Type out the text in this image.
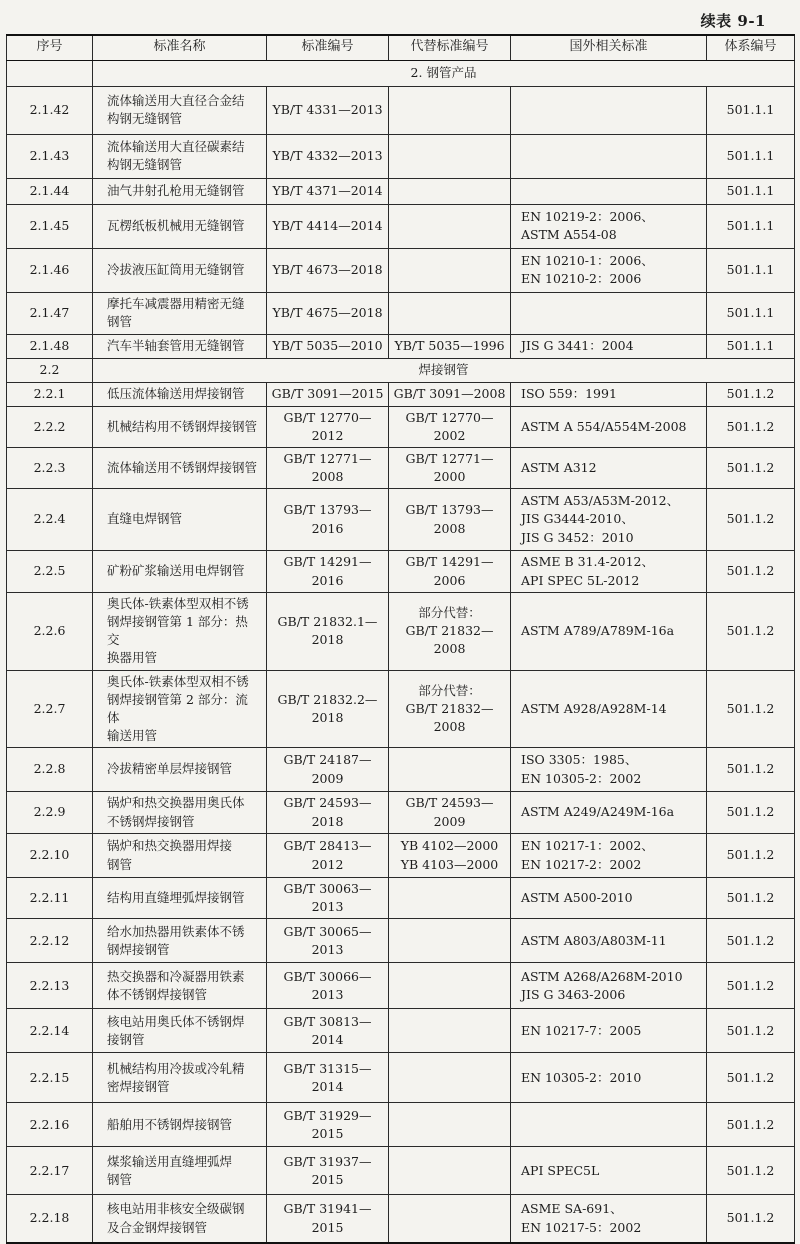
续表 9-1
序号	标准名称	标准编号	代替标准编号	国外相关标准	体系编号
	2. 钢管产品				
2.1.42	流体输送用大直径合金结
构钢无缝钢管	YB/T 4331—2013			501.1.1
2.1.43	流体输送用大直径碳素结
构钢无缝钢管	YB/T 4332—2013			501.1.1
2.1.44	油气井射孔枪用无缝钢管	YB/T 4371—2014			501.1.1
2.1.45	瓦楞纸板机械用无缝钢管	YB/T 4414—2014		EN 10219-2：2006、
ASTM A554-08	501.1.1
2.1.46	冷拔液压缸筒用无缝钢管	YB/T 4673—2018		EN 10210-1：2006、
EN 10210-2：2006	501.1.1
2.1.47	摩托车减震器用精密无缝
钢管	YB/T 4675—2018			501.1.1
2.1.48	汽车半轴套管用无缝钢管	YB/T 5035—2010	YB/T 5035—1996	JIS G 3441：2004	501.1.1
2.2	焊接钢管				
2.2.1	低压流体输送用焊接钢管	GB/T 3091—2015	GB/T 3091—2008	ISO 559：1991	501.1.2
2.2.2	机械结构用不锈钢焊接钢管	GB/T 12770—2012	GB/T 12770—2002	ASTM A 554/A554M-2008	501.1.2
2.2.3	流体输送用不锈钢焊接钢管	GB/T 12771—2008	GB/T 12771—2000	ASTM A312	501.1.2
2.2.4	直缝电焊钢管	GB/T 13793—2016	GB/T 13793—2008	ASTM A53/A53M-2012、
JIS G3444-2010、
JIS G 3452：2010	501.1.2
2.2.5	矿粉矿浆输送用电焊钢管	GB/T 14291—2016	GB/T 14291—2006	ASME B 31.4-2012、
API SPEC 5L-2012	501.1.2
2.2.6	奥氏体-铁素体型双相不锈
钢焊接钢管第 1 部分：热交
换器用管	GB/T 21832.1—2018	部分代替：
GB/T 21832—2008	ASTM A789/A789M-16a	501.1.2
2.2.7	奥氏体-铁素体型双相不锈
钢焊接钢管第 2 部分：流体
输送用管	GB/T 21832.2—2018	部分代替：
GB/T 21832—2008	ASTM A928/A928M-14	501.1.2
2.2.8	冷拔精密单层焊接钢管	GB/T 24187—2009		ISO 3305：1985、
EN 10305-2：2002	501.1.2
2.2.9	锅炉和热交换器用奥氏体
不锈钢焊接钢管	GB/T 24593—2018	GB/T 24593—2009	ASTM A249/A249M-16a	501.1.2
2.2.10	锅炉和热交换器用焊接
钢管	GB/T 28413—2012	YB 4102—2000
YB 4103—2000	EN 10217-1：2002、
EN 10217-2：2002	501.1.2
2.2.11	结构用直缝埋弧焊接钢管	GB/T 30063—2013		ASTM A500-2010	501.1.2
2.2.12	给水加热器用铁素体不锈
钢焊接钢管	GB/T 30065—2013		ASTM A803/A803M-11	501.1.2
2.2.13	热交换器和冷凝器用铁素
体不锈钢焊接钢管	GB/T 30066—2013		ASTM A268/A268M-2010
JIS G 3463-2006	501.1.2
2.2.14	核电站用奥氏体不锈钢焊
接钢管	GB/T 30813—2014		EN 10217-7：2005	501.1.2
2.2.15	机械结构用冷拔或冷轧精
密焊接钢管	GB/T 31315—2014		EN 10305-2：2010	501.1.2
2.2.16	船舶用不锈钢焊接钢管	GB/T 31929—2015			501.1.2
2.2.17	煤浆输送用直缝埋弧焊
钢管	GB/T 31937—2015		API SPEC5L	501.1.2
2.2.18	核电站用非核安全级碳钢
及合金钢焊接钢管	GB/T 31941—2015		ASME SA-691、
EN 10217-5：2002	501.1.2
